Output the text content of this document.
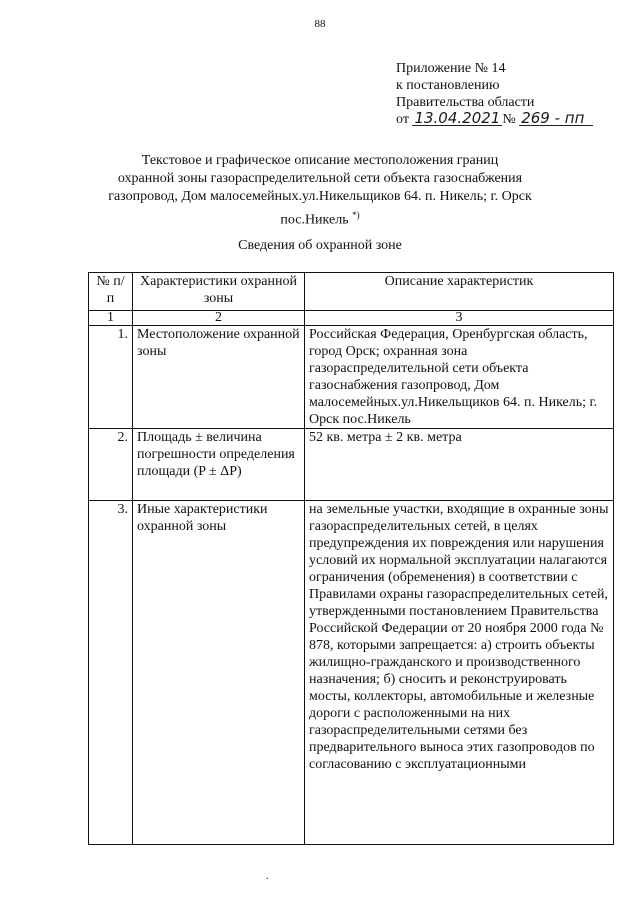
88
Приложение № 14
к постановлению
Правительства области
от 13.04.2021 № 269 - пп
Текстовое и графическое описание местоположения границ
охранной зоны газораспределительной сети объекта газоснабжения
газопровод, Дом малосемейных.ул.Никельщиков 64. п. Никель; г. Орск
пос.Никель *)
Сведения об охранной зоне
№ п/п	Характеристики охранной зоны	Описание характеристик
1	2	3
1.	Местоположение охранной зоны	Российская Федерация, Оренбургская область, город Орск; охранная зона газораспределительной сети объекта газоснабжения газопровод, Дом малосемейных.ул.Никельщиков 64. п. Никель; г. Орск пос.Никель
2.	Площадь ± величина погрешности определения площади (P ± ΔP)	52 кв. метра ± 2 кв. метра
3.	Иные характеристики охранной зоны	на земельные участки, входящие в охранные зоны газораспределительных сетей, в целях предупреждения их повреждения или нарушения условий их нормальной эксплуатации налагаются ограничения (обременения) в соответствии с Правилами охраны газораспределительных сетей, утвержденными постановлением Правительства Российской Федерации от 20 ноября 2000 года № 878, которыми запрещается: а) строить объекты жилищно-гражданского и производственного назначения; б) сносить и реконструировать мосты, коллекторы, автомобильные и железные дороги с расположенными на них газораспределительными сетями без предварительного выноса этих газопроводов по согласованию с эксплуатационными
.
